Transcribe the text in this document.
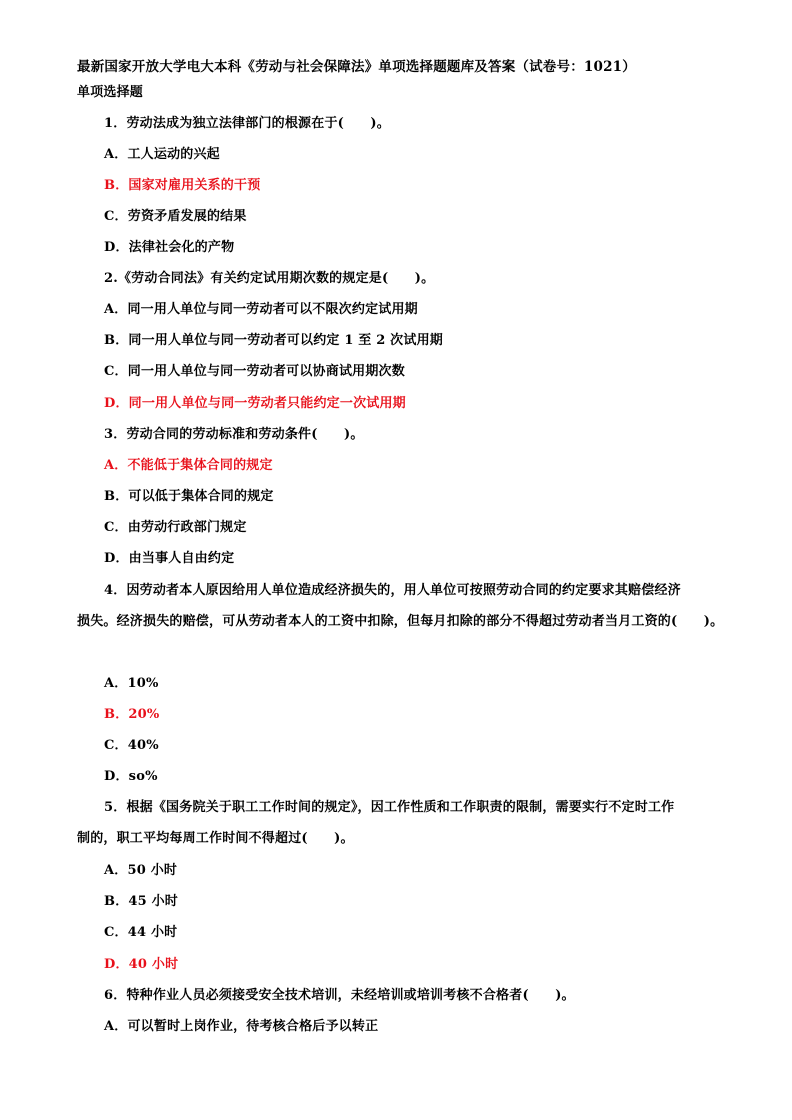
最新国家开放大学电大本科《劳动与社会保障法》单项选择题题库及答案（试卷号：1021）
单项选择题
1．劳动法成为独立法律部门的根源在于(　　)。
A．工人运动的兴起
B．国家对雇用关系的干预
C．劳资矛盾发展的结果
D．法律社会化的产物
2.《劳动合同法》有关约定试用期次数的规定是(　　)。
A．同一用人单位与同一劳动者可以不限次约定试用期
B．同一用人单位与同一劳动者可以约定 1 至 2 次试用期
C．同一用人单位与同一劳动者可以协商试用期次数
D．同一用人单位与同一劳动者只能约定一次试用期
3．劳动合同的劳动标准和劳动条件(　　)。
A．不能低于集体合同的规定
B．可以低于集体合同的规定
C．由劳动行政部门规定
D．由当事人自由约定
4．因劳动者本人原因给用人单位造成经济损失的，用人单位可按照劳动合同的约定要求其赔偿经济
损失。经济损失的赔偿，可从劳动者本人的工资中扣除，但每月扣除的部分不得超过劳动者当月工资的(　　)。
A．10%
B．20%
C．40%
D．so%
5．根据《国务院关于职工工作时间的规定》，因工作性质和工作职责的限制，需要实行不定时工作
制的，职工平均每周工作时间不得超过(　　)。
A．50 小时
B．45 小时
C．44 小时
D．40 小时
6．特种作业人员必须接受安全技术培训，未经培训或培训考核不合格者(　　)。
A．可以暂时上岗作业，待考核合格后予以转正
